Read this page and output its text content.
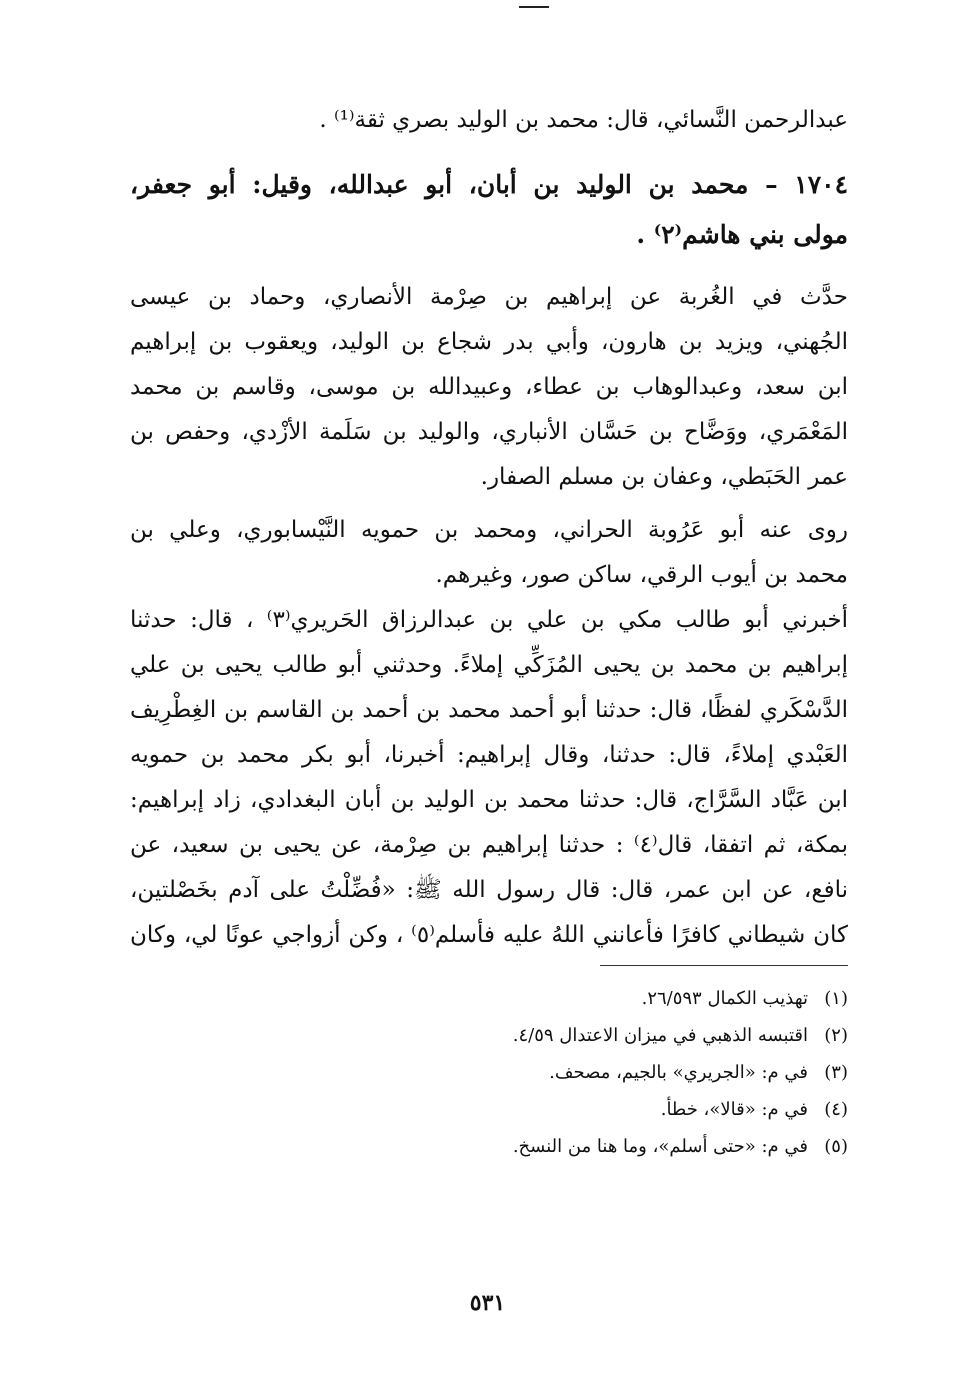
عبدالرحمن النَّسائي، قال: محمد بن الوليد بصري ثقة⁽¹⁾ .
١٧٠٤ – محمد بن الوليد بن أبان، أبو عبدالله، وقيل: أبو جعفر،
مولى بني هاشم⁽٢⁾ .
حدَّث في الغُربة عن إبراهيم بن صِرْمة الأنصاري، وحماد بن عيسى
الجُهني، ويزيد بن هارون، وأبي بدر شجاع بن الوليد، ويعقوب بن إبراهيم
ابن سعد، وعبدالوهاب بن عطاء، وعبيدالله بن موسى، وقاسم بن محمد
المَعْمَري، ووَضَّاح بن حَسَّان الأنباري، والوليد بن سَلَمة الأزْدي، وحفص بن
عمر الحَبَطي، وعفان بن مسلم الصفار.
روى عنه أبو عَرُوبة الحراني، ومحمد بن حمويه النَّيْسابوري، وعلي بن
محمد بن أيوب الرقي، ساكن صور، وغيرهم.
أخبرني أبو طالب مكي بن علي بن عبدالرزاق الحَريري⁽٣⁾ ، قال: حدثنا
إبراهيم بن محمد بن يحيى المُزَكِّي إملاءً. وحدثني أبو طالب يحيى بن علي
الدَّسْكَري لفظًا، قال: حدثنا أبو أحمد محمد بن أحمد بن القاسم بن الغِطْرِيف
العَبْدي إملاءً، قال: حدثنا، وقال إبراهيم: أخبرنا، أبو بكر محمد بن حمويه
ابن عَبَّاد السَّرَّاج، قال: حدثنا محمد بن الوليد بن أبان البغدادي، زاد إبراهيم:
بمكة، ثم اتفقا، قال⁽٤⁾ : حدثنا إبراهيم بن صِرْمة، عن يحيى بن سعيد، عن
نافع، عن ابن عمر، قال: قال رسول الله ﷺ: «فُضِّلْتُ على آدم بخَصْلتين،
كان شيطاني كافرًا فأعانني اللهُ عليه فأسلم⁽٥⁾ ، وكن أزواجي عونًا لي، وكان
(١)تهذيب الكمال ٢٦/٥٩٣.
(٢)اقتبسه الذهبي في ميزان الاعتدال ٤/٥٩.
(٣)في م: «الجريري» بالجيم، مصحف.
(٤)في م: «قالا»، خطأ.
(٥)في م: «حتى أسلم»، وما هنا من النسخ.
٥٣١
